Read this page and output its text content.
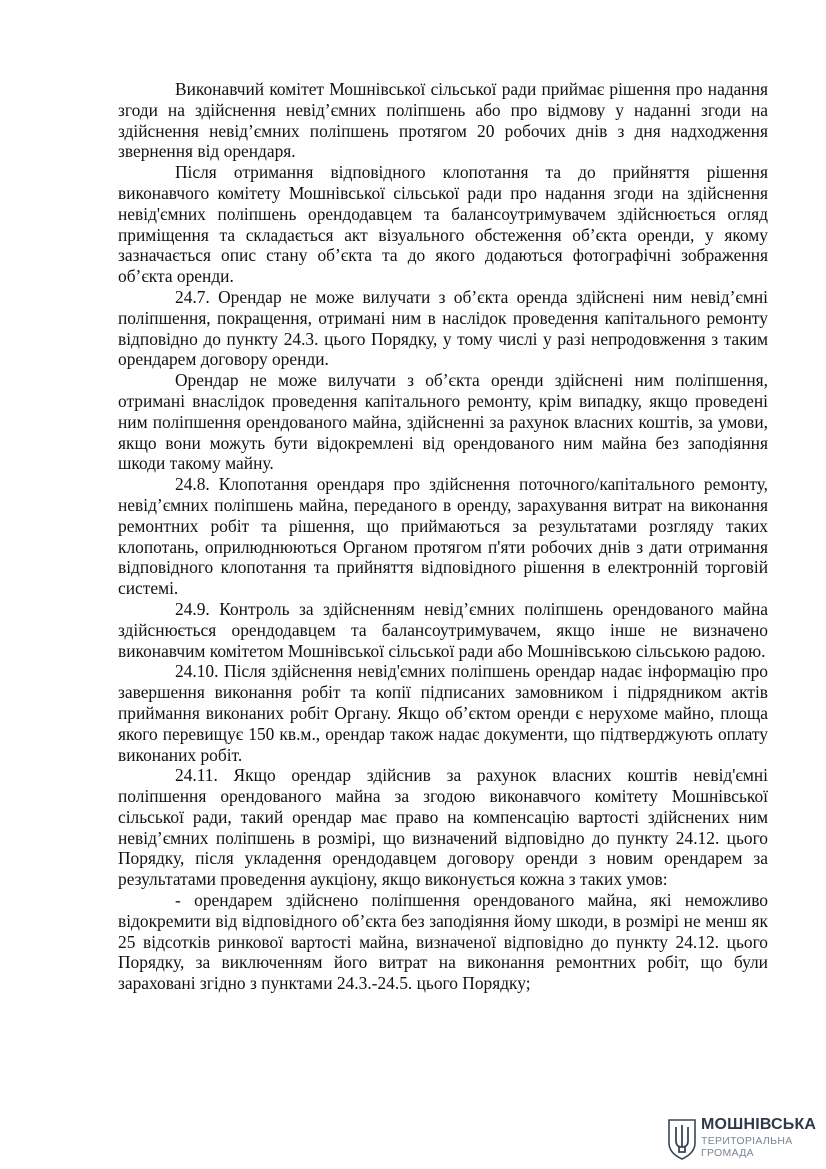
Виконавчий комітет Мошнівської сільської ради приймає рішення про надання згоди на здійснення невід’ємних поліпшень або про відмову у наданні згоди на здійснення невід’ємних поліпшень протягом 20 робочих днів з дня надходження звернення від орендаря.

Після отримання відповідного клопотання та до прийняття рішення виконавчого комітету Мошнівської сільської ради про надання згоди на здійснення невід'ємних поліпшень орендодавцем та балансоутримувачем здійснюється огляд приміщення та складається акт візуального обстеження об’єкта оренди, у якому зазначається опис стану об’єкта та до якого додаються фотографічні зображення об’єкта оренди.

24.7. Орендар не може вилучати з об’єкта оренда здійснені ним невід’ємні поліпшення, покращення, отримані ним в наслідок проведення капітального ремонту відповідно до пункту 24.3. цього Порядку, у тому числі у разі непродовження з таким орендарем договору оренди.

Орендар не може вилучати з об’єкта оренди здійснені ним поліпшення, отримані внаслідок проведення капітального ремонту, крім випадку, якщо проведені ним поліпшення орендованого майна, здійсненні за рахунок власних коштів, за умови, якщо вони можуть бути відокремлені від орендованого ним майна без заподіяння шкоди такому майну.

24.8. Клопотання орендаря про здійснення поточного/капітального ремонту, невід’ємних поліпшень майна, переданого в оренду, зарахування витрат на виконання ремонтних робіт та рішення, що приймаються за результатами розгляду таких клопотань, оприлюднюються Органом протягом п'яти робочих днів з дати отримання відповідного клопотання та прийняття відповідного рішення в електронній торговій системі.

24.9. Контроль за здійсненням невід’ємних поліпшень орендованого майна здійснюється орендодавцем та балансоутримувачем, якщо інше не визначено виконавчим комітетом Мошнівської сільської ради або Мошнівською сільською радою.

24.10. Після здійснення невід'ємних поліпшень орендар надає інформацію про завершення виконання робіт та копії підписаних замовником і підрядником актів приймання виконаних робіт Органу. Якщо об’єктом оренди є нерухоме майно, площа якого перевищує 150 кв.м., орендар також надає документи, що підтверджують оплату виконаних робіт.

24.11. Якщо орендар здійснив за рахунок власних коштів невід'ємні поліпшення орендованого майна за згодою виконавчого комітету Мошнівської сільської ради, такий орендар має право на компенсацію вартості здійснених ним невід’ємних поліпшень в розмірі, що визначений відповідно до пункту 24.12. цього Порядку, після укладення орендодавцем договору оренди з новим орендарем за результатами проведення аукціону, якщо виконується кожна з таких умов:

- орендарем здійснено поліпшення орендованого майна, які неможливо відокремити від відповідного об’єкта без заподіяння йому шкоди, в розмірі не менш як 25 відсотків ринкової вартості майна, визначеної відповідно до пункту 24.12. цього Порядку, за виключенням його витрат на виконання ремонтних робіт, що були зараховані згідно з пунктами 24.3.-24.5. цього Порядку;

МОШНІВСЬКА
ТЕРИТОРІАЛЬНА
ГРОМАДА
